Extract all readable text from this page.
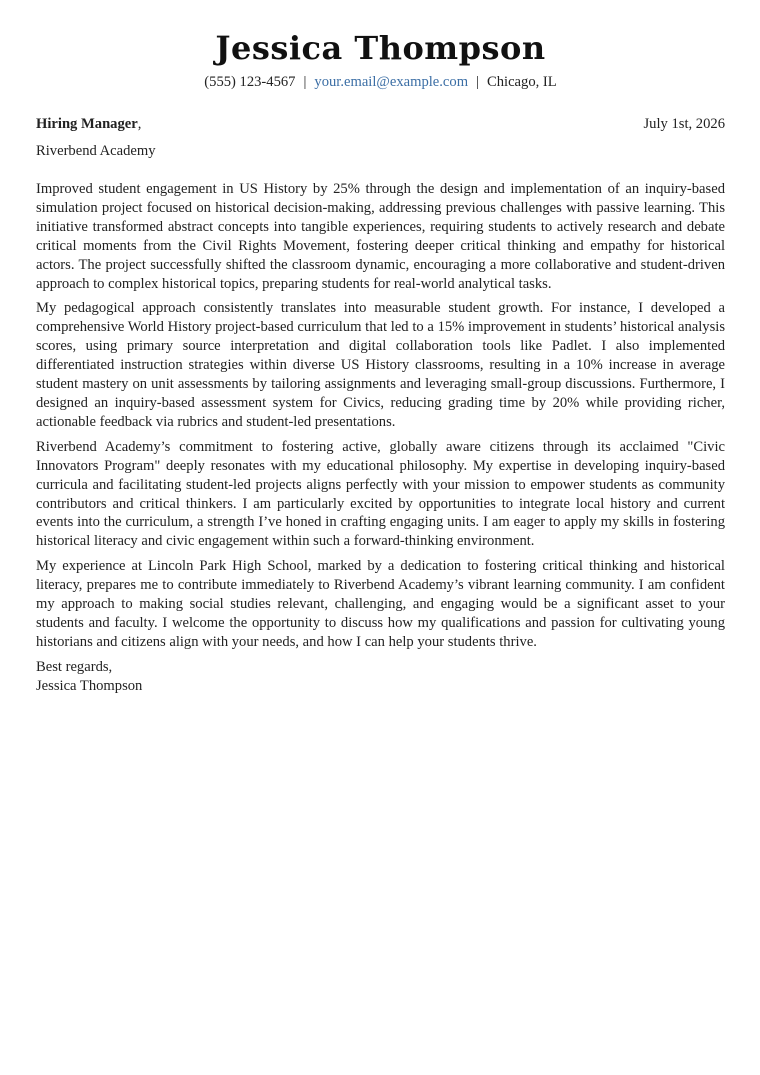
Jessica Thompson
(555) 123-4567 | your.email@example.com | Chicago, IL
Hiring Manager,	July 1st, 2026
Riverbend Academy

Improved student engagement in US History by 25% through the design and implementation of an inquiry-based simulation project focused on historical decision-making, addressing previous challenges with passive learning. This initiative transformed abstract concepts into tangible experiences, requiring students to actively research and debate critical moments from the Civil Rights Movement, fostering deeper critical thinking and empathy for historical actors. The project successfully shifted the classroom dynamic, encouraging a more collaborative and student-driven approach to complex historical topics, preparing students for real-world analytical tasks.

My pedagogical approach consistently translates into measurable student growth. For instance, I developed a comprehensive World History project-based curriculum that led to a 15% improvement in students’ historical analysis scores, using primary source interpretation and digital collaboration tools like Padlet. I also implemented differentiated instruction strategies within diverse US History classrooms, resulting in a 10% increase in average student mastery on unit assessments by tailoring assignments and leveraging small-group discussions. Furthermore, I designed an inquiry-based assessment system for Civics, reducing grading time by 20% while providing richer, actionable feedback via rubrics and student-led presentations.

Riverbend Academy’s commitment to fostering active, globally aware citizens through its acclaimed "Civic Innovators Program" deeply resonates with my educational philosophy. My expertise in developing inquiry-based curricula and facilitating student-led projects aligns perfectly with your mission to empower students as community contributors and critical thinkers. I am particularly excited by opportunities to integrate local history and current events into the curriculum, a strength I’ve honed in crafting engaging units. I am eager to apply my skills in fostering historical literacy and civic engagement within such a forward-thinking environment.

My experience at Lincoln Park High School, marked by a dedication to fostering critical thinking and historical literacy, prepares me to contribute immediately to Riverbend Academy’s vibrant learning community. I am confident my approach to making social studies relevant, challenging, and engaging would be a significant asset to your students and faculty. I welcome the opportunity to discuss how my qualifications and passion for cultivating young historians and citizens align with your needs, and how I can help your students thrive.

Best regards,
Jessica Thompson
